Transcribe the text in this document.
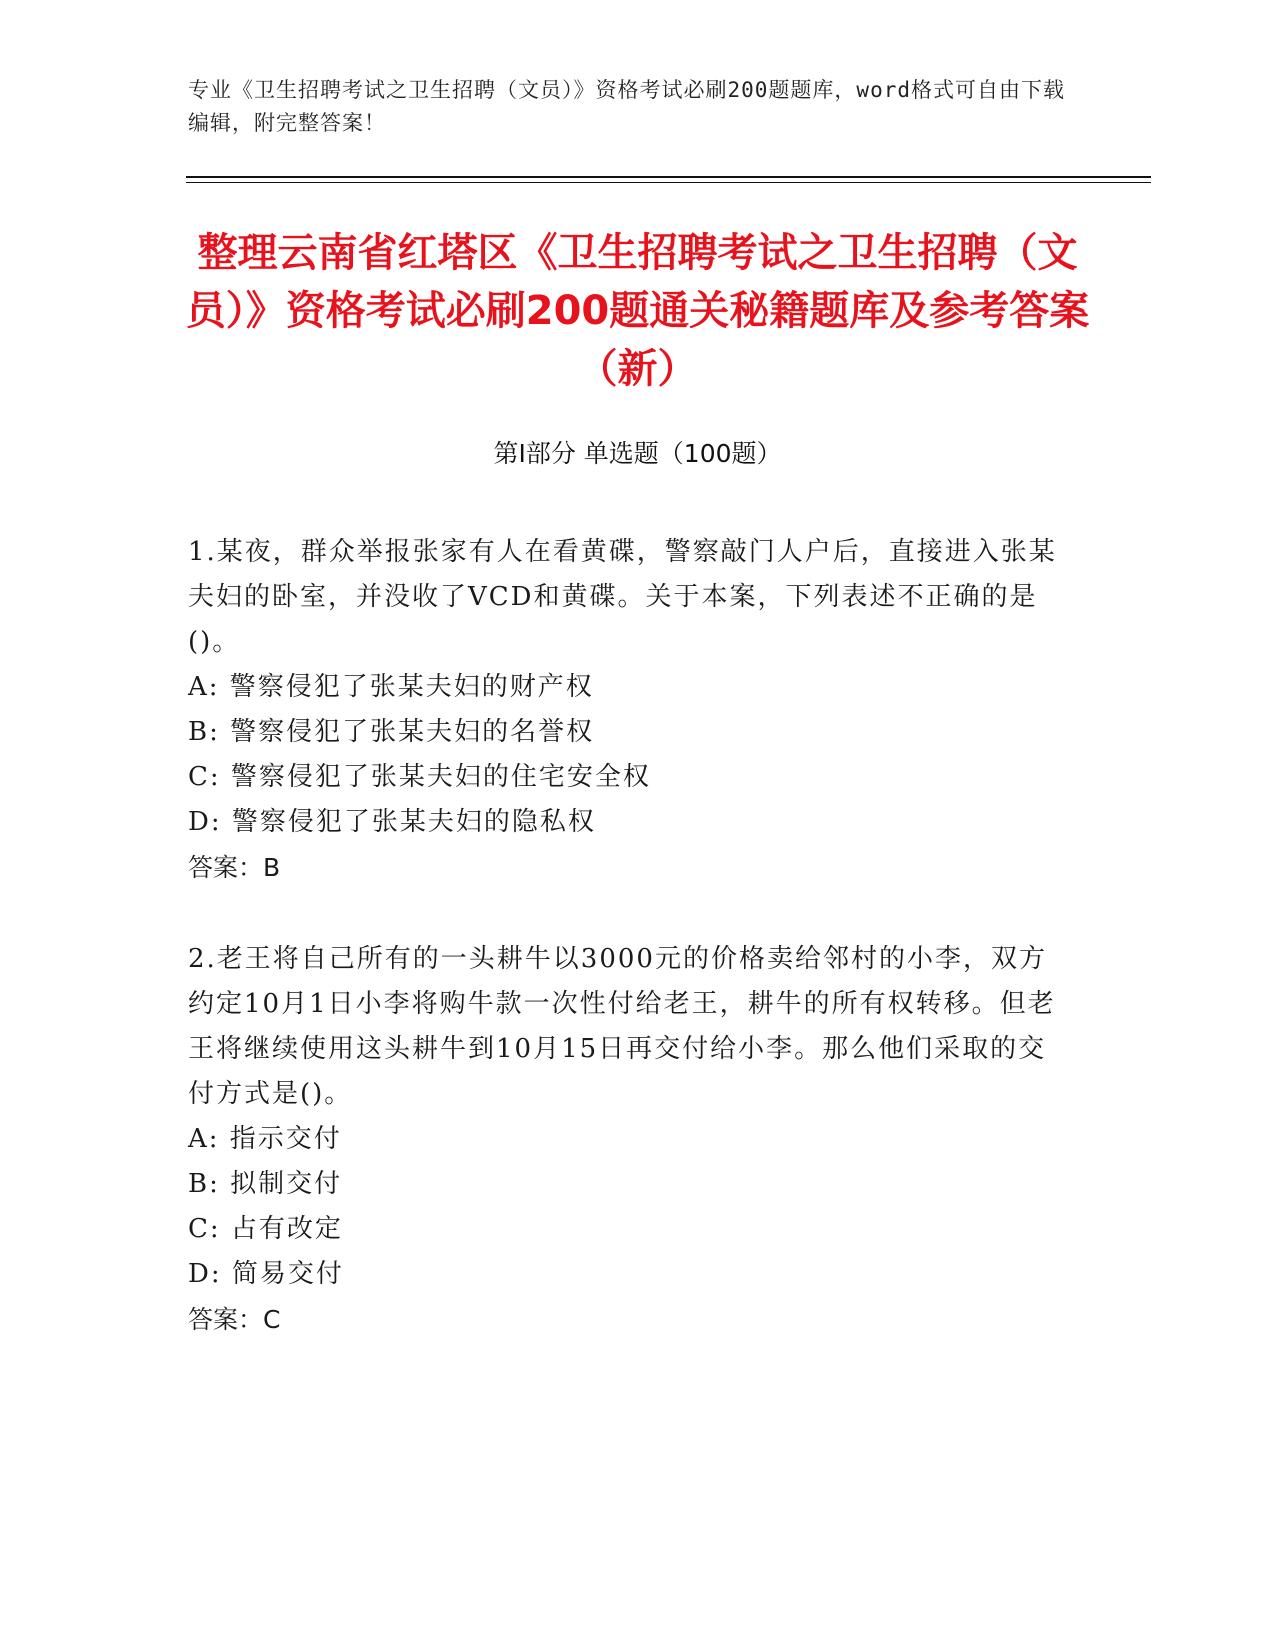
专业《卫生招聘考试之卫生招聘（文员）》资格考试必刷200题题库，word格式可自由下载编辑，附完整答案！
整理云南省红塔区《卫生招聘考试之卫生招聘（文员）》资格考试必刷200题通关秘籍题库及参考答案（新）
第I部分 单选题（100题）

1.某夜，群众举报张家有人在看黄碟，警察敲门人户后，直接进入张某夫妇的卧室，并没收了VCD和黄碟。关于本案，下列表述不正确的是()。

A: 警察侵犯了张某夫妇的财产权

B: 警察侵犯了张某夫妇的名誉权

C: 警察侵犯了张某夫妇的住宅安全权

D: 警察侵犯了张某夫妇的隐私权

答案：B

2.老王将自己所有的一头耕牛以3000元的价格卖给邻村的小李，双方约定10月1日小李将购牛款一次性付给老王，耕牛的所有权转移。但老王将继续使用这头耕牛到10月15日再交付给小李。那么他们采取的交付方式是()。

A: 指示交付

B: 拟制交付

C: 占有改定

D: 简易交付

答案：C
